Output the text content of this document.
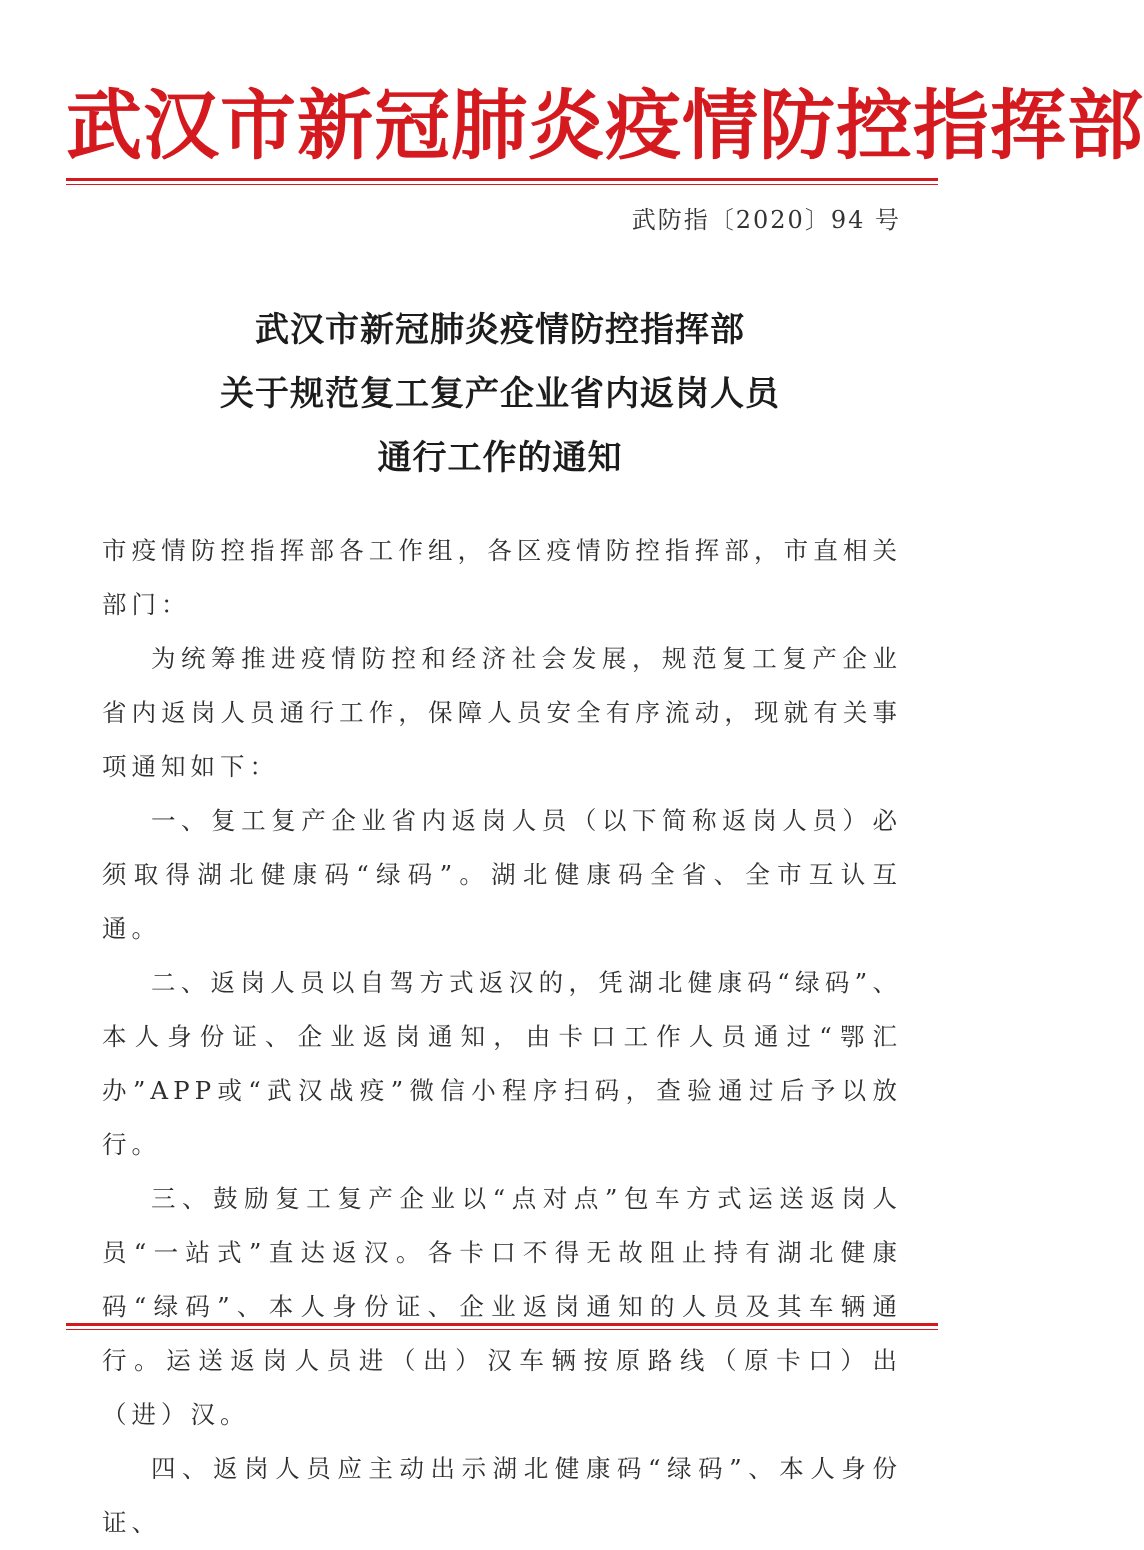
武汉市新冠肺炎疫情防控指挥部
武防指〔2020〕94 号
武汉市新冠肺炎疫情防控指挥部
关于规范复工复产企业省内返岗人员
通行工作的通知

市疫情防控指挥部各工作组，各区疫情防控指挥部，市直相关部门：

为统筹推进疫情防控和经济社会发展，规范复工复产企业省内返岗人员通行工作，保障人员安全有序流动，现就有关事项通知如下：

一、复工复产企业省内返岗人员（以下简称返岗人员）必须取得湖北健康码“绿码”。湖北健康码全省、全市互认互通。

二、返岗人员以自驾方式返汉的，凭湖北健康码“绿码”、本人身份证、企业返岗通知，由卡口工作人员通过“鄂汇办”APP或“武汉战疫”微信小程序扫码，查验通过后予以放行。

三、鼓励复工复产企业以“点对点”包车方式运送返岗人员“一站式”直达返汉。各卡口不得无故阻止持有湖北健康码“绿码”、本人身份证、企业返岗通知的人员及其车辆通行。运送返岗人员进（出）汉车辆按原路线（原卡口）出（进）汉。

四、返岗人员应主动出示湖北健康码“绿码”、本人身份证、
